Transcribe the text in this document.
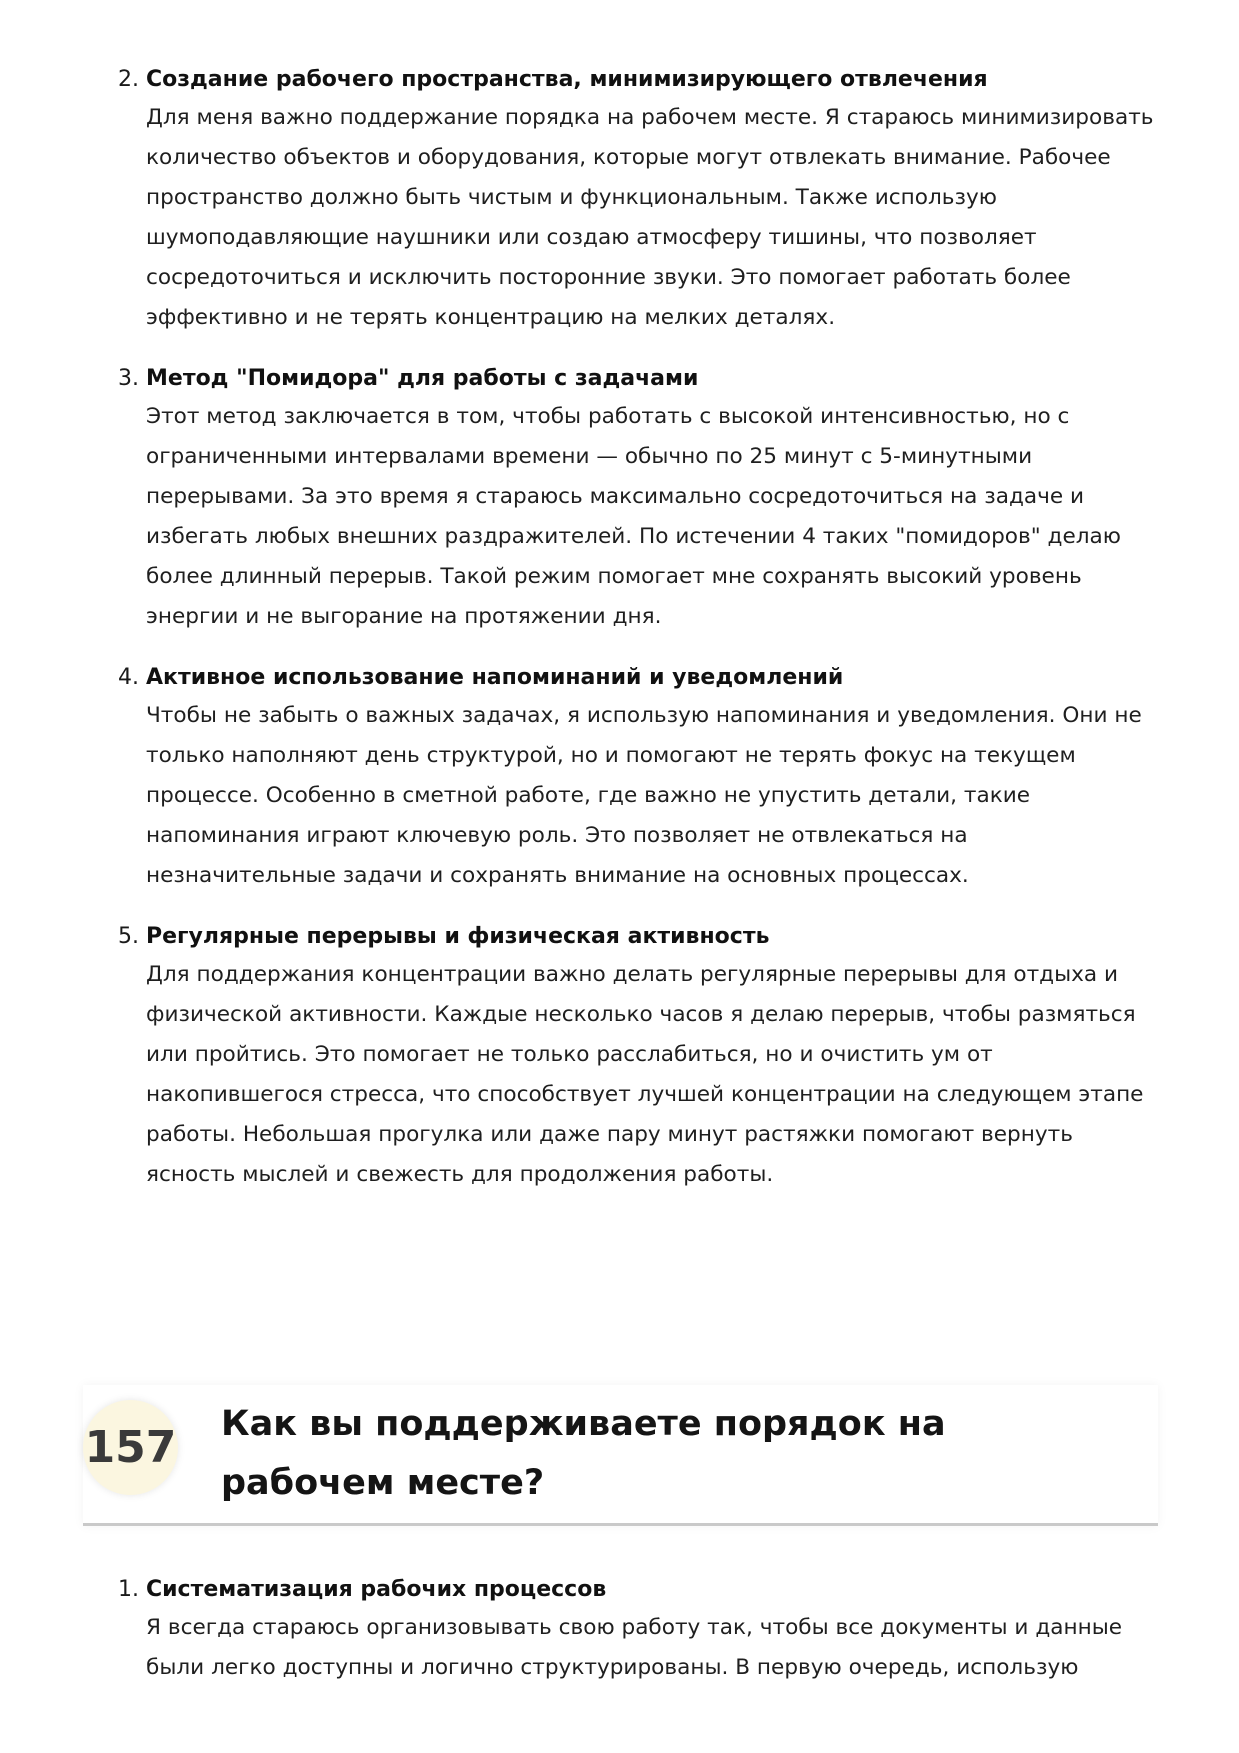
2. Создание рабочего пространства, минимизирующего отвлечения
Для меня важно поддержание порядка на рабочем месте. Я стараюсь минимизировать количество объектов и оборудования, которые могут отвлекать внимание. Рабочее пространство должно быть чистым и функциональным. Также использую шумоподавляющие наушники или создаю атмосферу тишины, что позволяет сосредоточиться и исключить посторонние звуки. Это помогает работать более эффективно и не терять концентрацию на мелких деталях.
3. Метод "Помидора" для работы с задачами
Этот метод заключается в том, чтобы работать с высокой интенсивностью, но с ограниченными интервалами времени — обычно по 25 минут с 5-минутными перерывами. За это время я стараюсь максимально сосредоточиться на задаче и избегать любых внешних раздражителей. По истечении 4 таких "помидоров" делаю более длинный перерыв. Такой режим помогает мне сохранять высокий уровень энергии и не выгорание на протяжении дня.
4. Активное использование напоминаний и уведомлений
Чтобы не забыть о важных задачах, я использую напоминания и уведомления. Они не только наполняют день структурой, но и помогают не терять фокус на текущем процессе. Особенно в сметной работе, где важно не упустить детали, такие напоминания играют ключевую роль. Это позволяет не отвлекаться на незначительные задачи и сохранять внимание на основных процессах.
5. Регулярные перерывы и физическая активность
Для поддержания концентрации важно делать регулярные перерывы для отдыха и физической активности. Каждые несколько часов я делаю перерыв, чтобы размяться или пройтись. Это помогает не только расслабиться, но и очистить ум от накопившегося стресса, что способствует лучшей концентрации на следующем этапе работы. Небольшая прогулка или даже пару минут растяжки помогают вернуть ясность мыслей и свежесть для продолжения работы.
157 Как вы поддерживаете порядок на рабочем месте?
1. Систематизация рабочих процессов
Я всегда стараюсь организовывать свою работу так, чтобы все документы и данные были легко доступны и логично структурированы. В первую очередь, использую
